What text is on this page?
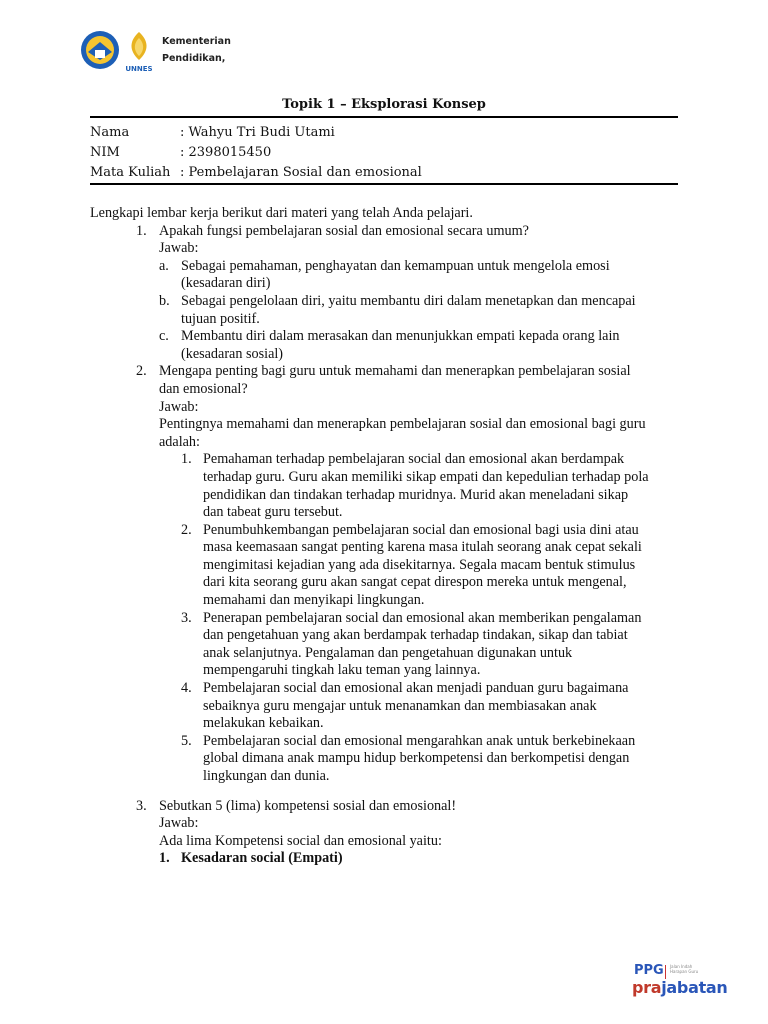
UNNES
Kementerian
Pendidikan,
Topik 1 – Eksplorasi Konsep
Nama	: Wahyu Tri Budi Utami
NIM	: 2398015450
Mata Kuliah : Pembelajaran Sosial dan emosional
Lengkapi lembar kerja berikut dari materi yang telah Anda pelajari.
1. Apakah fungsi pembelajaran sosial dan emosional secara umum?
Jawab:
a. Sebagai pemahaman, penghayatan dan kemampuan untuk mengelola emosi
(kesadaran diri)
b. Sebagai pengelolaan diri, yaitu membantu diri dalam menetapkan dan mencapai
tujuan positif.
c. Membantu diri dalam merasakan dan menunjukkan empati kepada orang lain
(kesadaran sosial)
2. Mengapa penting bagi guru untuk memahami dan menerapkan pembelajaran sosial
dan emosional?
Jawab:
Pentingnya memahami dan menerapkan pembelajaran sosial dan emosional bagi guru
adalah:
1. Pemahaman terhadap pembelajaran social dan emosional akan berdampak
terhadap guru. Guru akan memiliki sikap empati dan kepedulian terhadap pola
pendidikan dan tindakan terhadap muridnya. Murid akan meneladani sikap
dan tabeat guru tersebut.
2. Penumbuhkembangan pembelajaran social dan emosional bagi usia dini atau
masa keemasaan sangat penting karena masa itulah seorang anak cepat sekali
mengimitasi kejadian yang ada disekitarnya. Segala macam bentuk stimulus
dari kita seorang guru akan sangat cepat direspon mereka untuk mengenal,
memahami dan menyikapi lingkungan.
3. Penerapan pembelajaran social dan emosional akan memberikan pengalaman
dan pengetahuan yang akan berdampak terhadap tindakan, sikap dan tabiat
anak selanjutnya. Pengalaman dan pengetahuan digunakan untuk
mempengaruhi tingkah laku teman yang lainnya.
4. Pembelajaran social dan emosional akan menjadi panduan guru bagaimana
sebaiknya guru mengajar untuk menanamkan dan membiasakan anak
melakukan kebaikan.
5. Pembelajaran social dan emosional mengarahkan anak untuk berkebinekaan
global dimana anak mampu hidup berkompetensi dan berkompetisi dengan
lingkungan dan dunia.
3. Sebutkan 5 (lima) kompetensi sosial dan emosional!
Jawab:
Ada lima Kompetensi social dan emosional yaitu:
1. Kesadaran social (Empati)
PPG Jalan Indah Harapan Guru
prajabatan
